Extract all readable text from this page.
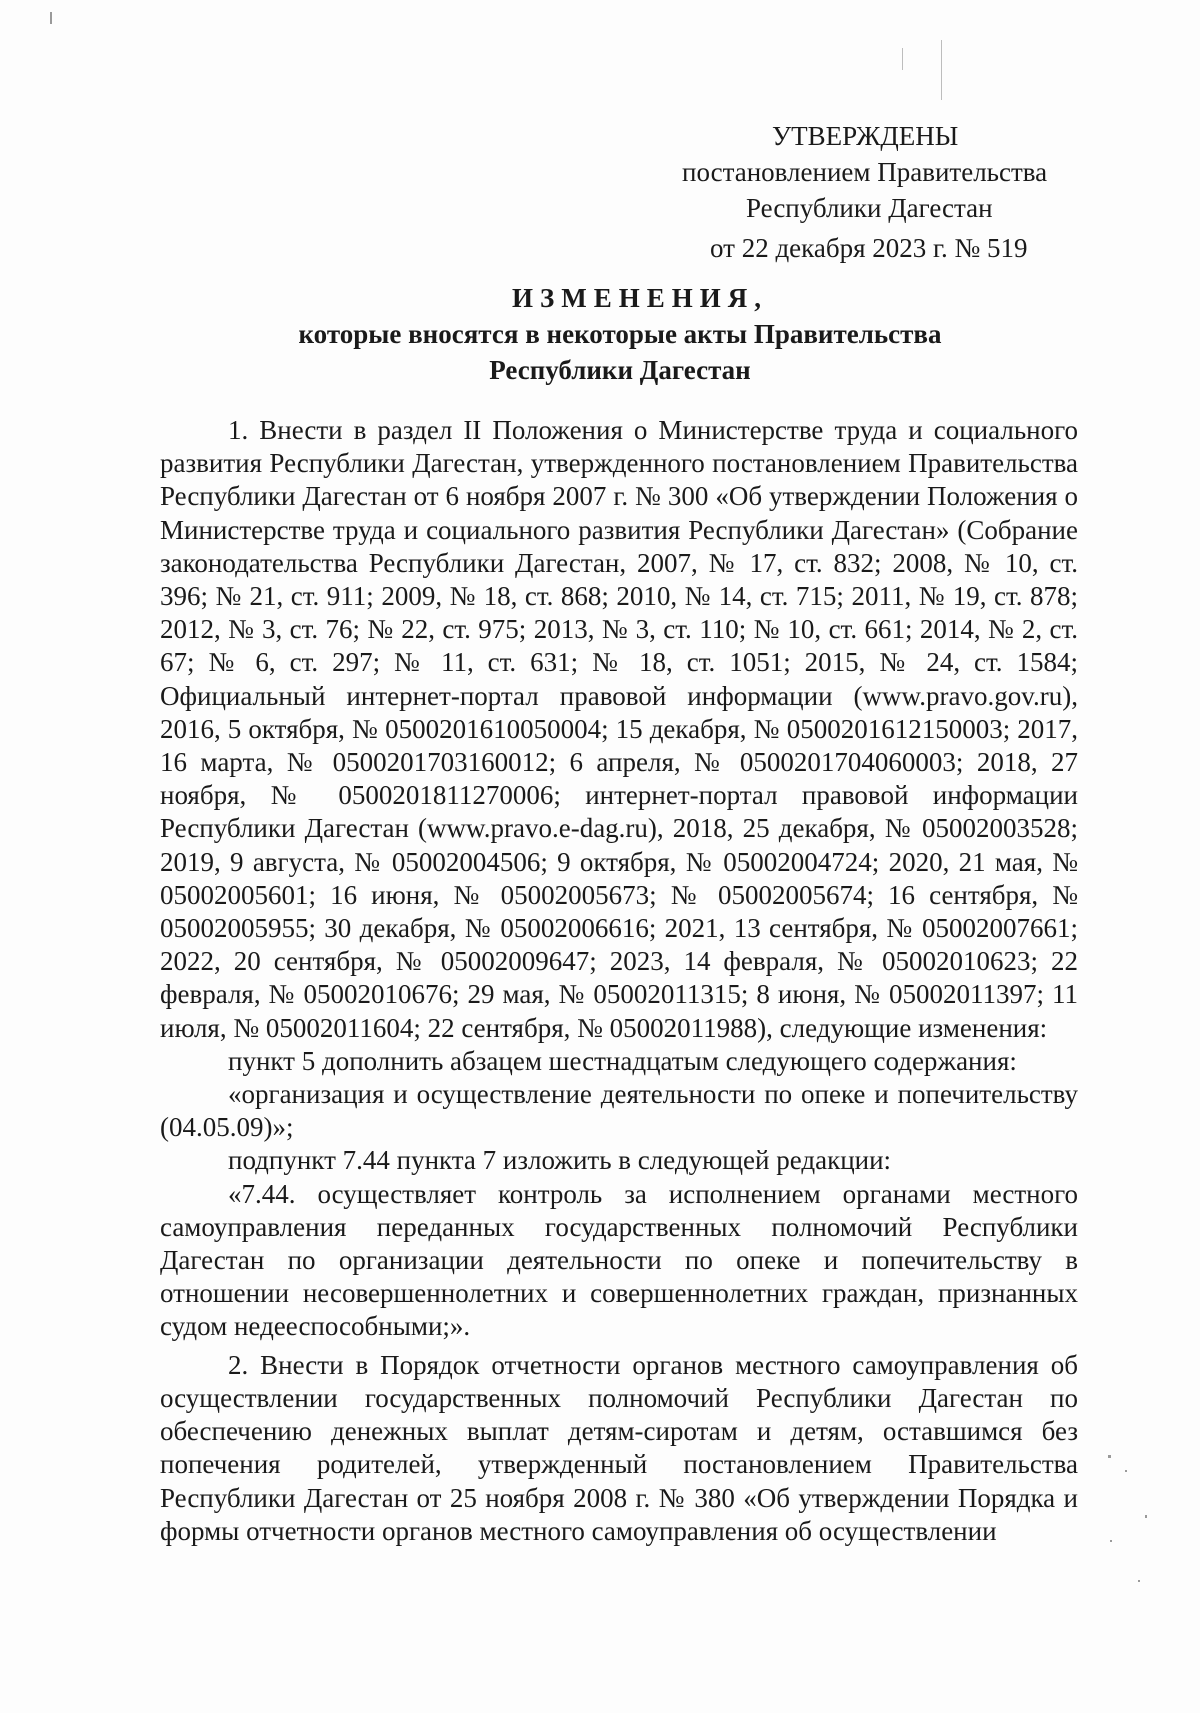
УТВЕРЖДЕНЫ
постановлением Правительства
Республики Дагестан
от 22 декабря 2023 г. № 519
ИЗМЕНЕНИЯ,
которые вносятся в некоторые акты Правительства
Республики Дагестан

1. Внести в раздел II Положения о Министерстве труда и социального развития Республики Дагестан, утвержденного постановлением Правительства Республики Дагестан от 6 ноября 2007 г. № 300 «Об утверждении Положения о Министерстве труда и социального развития Республики Дагестан» (Собрание законодательства Республики Дагестан, 2007, № 17, ст. 832; 2008, № 10, ст. 396; № 21, ст. 911; 2009, № 18, ст. 868; 2010, № 14, ст. 715; 2011, № 19, ст. 878; 2012, № 3, ст. 76; № 22, ст. 975; 2013, № 3, ст. 110; № 10, ст. 661; 2014, № 2, ст. 67; № 6, ст. 297; № 11, ст. 631; № 18, ст. 1051; 2015, № 24, ст. 1584; Официальный интернет-портал правовой информации (www.pravo.gov.ru), 2016, 5 октября, № 0500201610050004; 15 декабря, № 0500201612150003; 2017, 16 марта, № 0500201703160012; 6 апреля, № 0500201704060003; 2018, 27 ноября, № 0500201811270006; интернет-портал правовой информации Республики Дагестан (www.pravo.e-dag.ru), 2018, 25 декабря, № 05002003528; 2019, 9 августа, № 05002004506; 9 октября, № 05002004724; 2020, 21 мая, № 05002005601; 16 июня, № 05002005673; № 05002005674; 16 сентября, № 05002005955; 30 декабря, № 05002006616; 2021, 13 сентября, № 05002007661; 2022, 20 сентября, № 05002009647; 2023, 14 февраля, № 05002010623; 22 февраля, № 05002010676; 29 мая, № 05002011315; 8 июня, № 05002011397; 11 июля, № 05002011604; 22 сентября, № 05002011988), следующие изменения:

пункт 5 дополнить абзацем шестнадцатым следующего содержания:

«организация и осуществление деятельности по опеке и попечительству (04.05.09)»;

подпункт 7.44 пункта 7 изложить в следующей редакции:

«7.44. осуществляет контроль за исполнением органами местного самоуправления переданных государственных полномочий Республики Дагестан по организации деятельности по опеке и попечительству в отношении несовершеннолетних и совершеннолетних граждан, признанных судом недееспособными;».

2. Внести в Порядок отчетности органов местного самоуправления об осуществлении государственных полномочий Республики Дагестан по обеспечению денежных выплат детям-сиротам и детям, оставшимся без попечения родителей, утвержденный постановлением Правительства Республики Дагестан от 25 ноября 2008 г. № 380 «Об утверждении Порядка и формы отчетности органов местного самоуправления об осуществлении
